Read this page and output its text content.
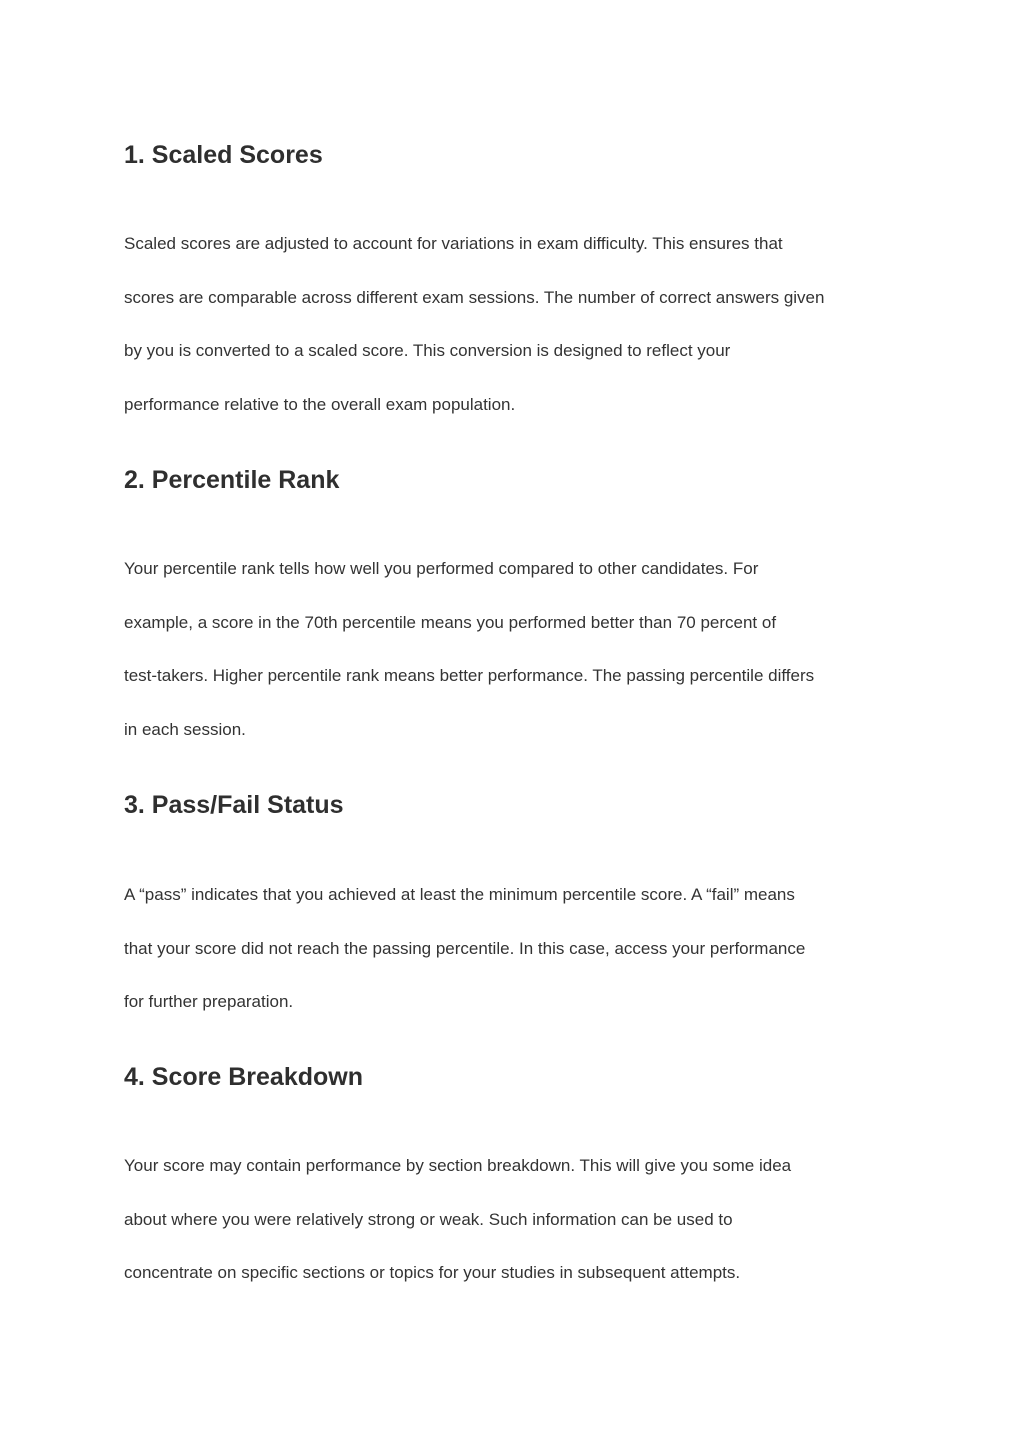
1. Scaled Scores

Scaled scores are adjusted to account for variations in exam difficulty. This ensures that
scores are comparable across different exam sessions. The number of correct answers given
by you is converted to a scaled score. This conversion is designed to reflect your
performance relative to the overall exam population.

2. Percentile Rank

Your percentile rank tells how well you performed compared to other candidates. For
example, a score in the 70th percentile means you performed better than 70 percent of
test-takers. Higher percentile rank means better performance. The passing percentile differs
in each session.

3. Pass/Fail Status

A “pass” indicates that you achieved at least the minimum percentile score. A “fail” means
that your score did not reach the passing percentile. In this case, access your performance
for further preparation.

4. Score Breakdown

Your score may contain performance by section breakdown. This will give you some idea
about where you were relatively strong or weak. Such information can be used to
concentrate on specific sections or topics for your studies in subsequent attempts.
